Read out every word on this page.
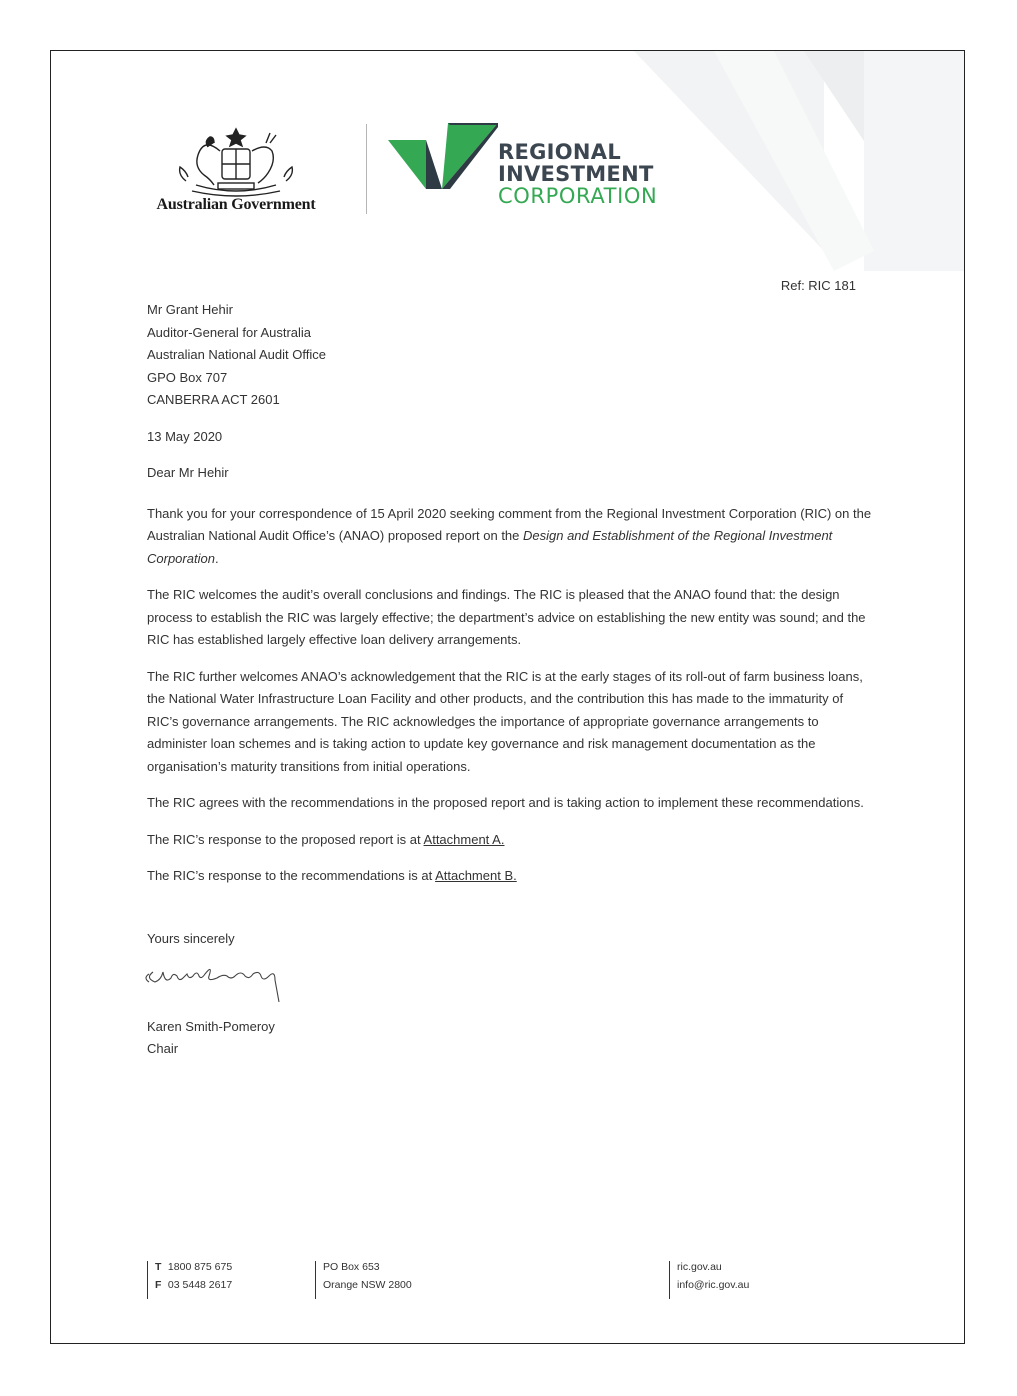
Australian Government
REGIONAL
INVESTMENT
CORPORATION
Ref: RIC 181
Mr Grant Hehir
Auditor-General for Australia
Australian National Audit Office
GPO Box 707
CANBERRA ACT 2601
13 May 2020
Dear Mr Hehir

Thank you for your correspondence of 15 April 2020 seeking comment from the Regional Investment Corporation (RIC) on the Australian National Audit Office’s (ANAO) proposed report on the Design and Establishment of the Regional Investment Corporation.

The RIC welcomes the audit’s overall conclusions and findings. The RIC is pleased that the ANAO found that: the design process to establish the RIC was largely effective; the department’s advice on establishing the new entity was sound; and the RIC has established largely effective loan delivery arrangements.

The RIC further welcomes ANAO’s acknowledgement that the RIC is at the early stages of its roll-out of farm business loans, the National Water Infrastructure Loan Facility and other products, and the contribution this has made to the immaturity of RIC’s governance arrangements. The RIC acknowledges the importance of appropriate governance arrangements to administer loan schemes and is taking action to update key governance and risk management documentation as the organisation’s maturity transitions from initial operations.

The RIC agrees with the recommendations in the proposed report and is taking action to implement these recommendations.

The RIC’s response to the proposed report is at Attachment A.

The RIC’s response to the recommendations is at Attachment B.

Yours sincerely
Karen Smith-Pomeroy
Chair
T 1800 875 675
F 03 5448 2617
PO Box 653
Orange NSW 2800
ric.gov.au
info@ric.gov.au
